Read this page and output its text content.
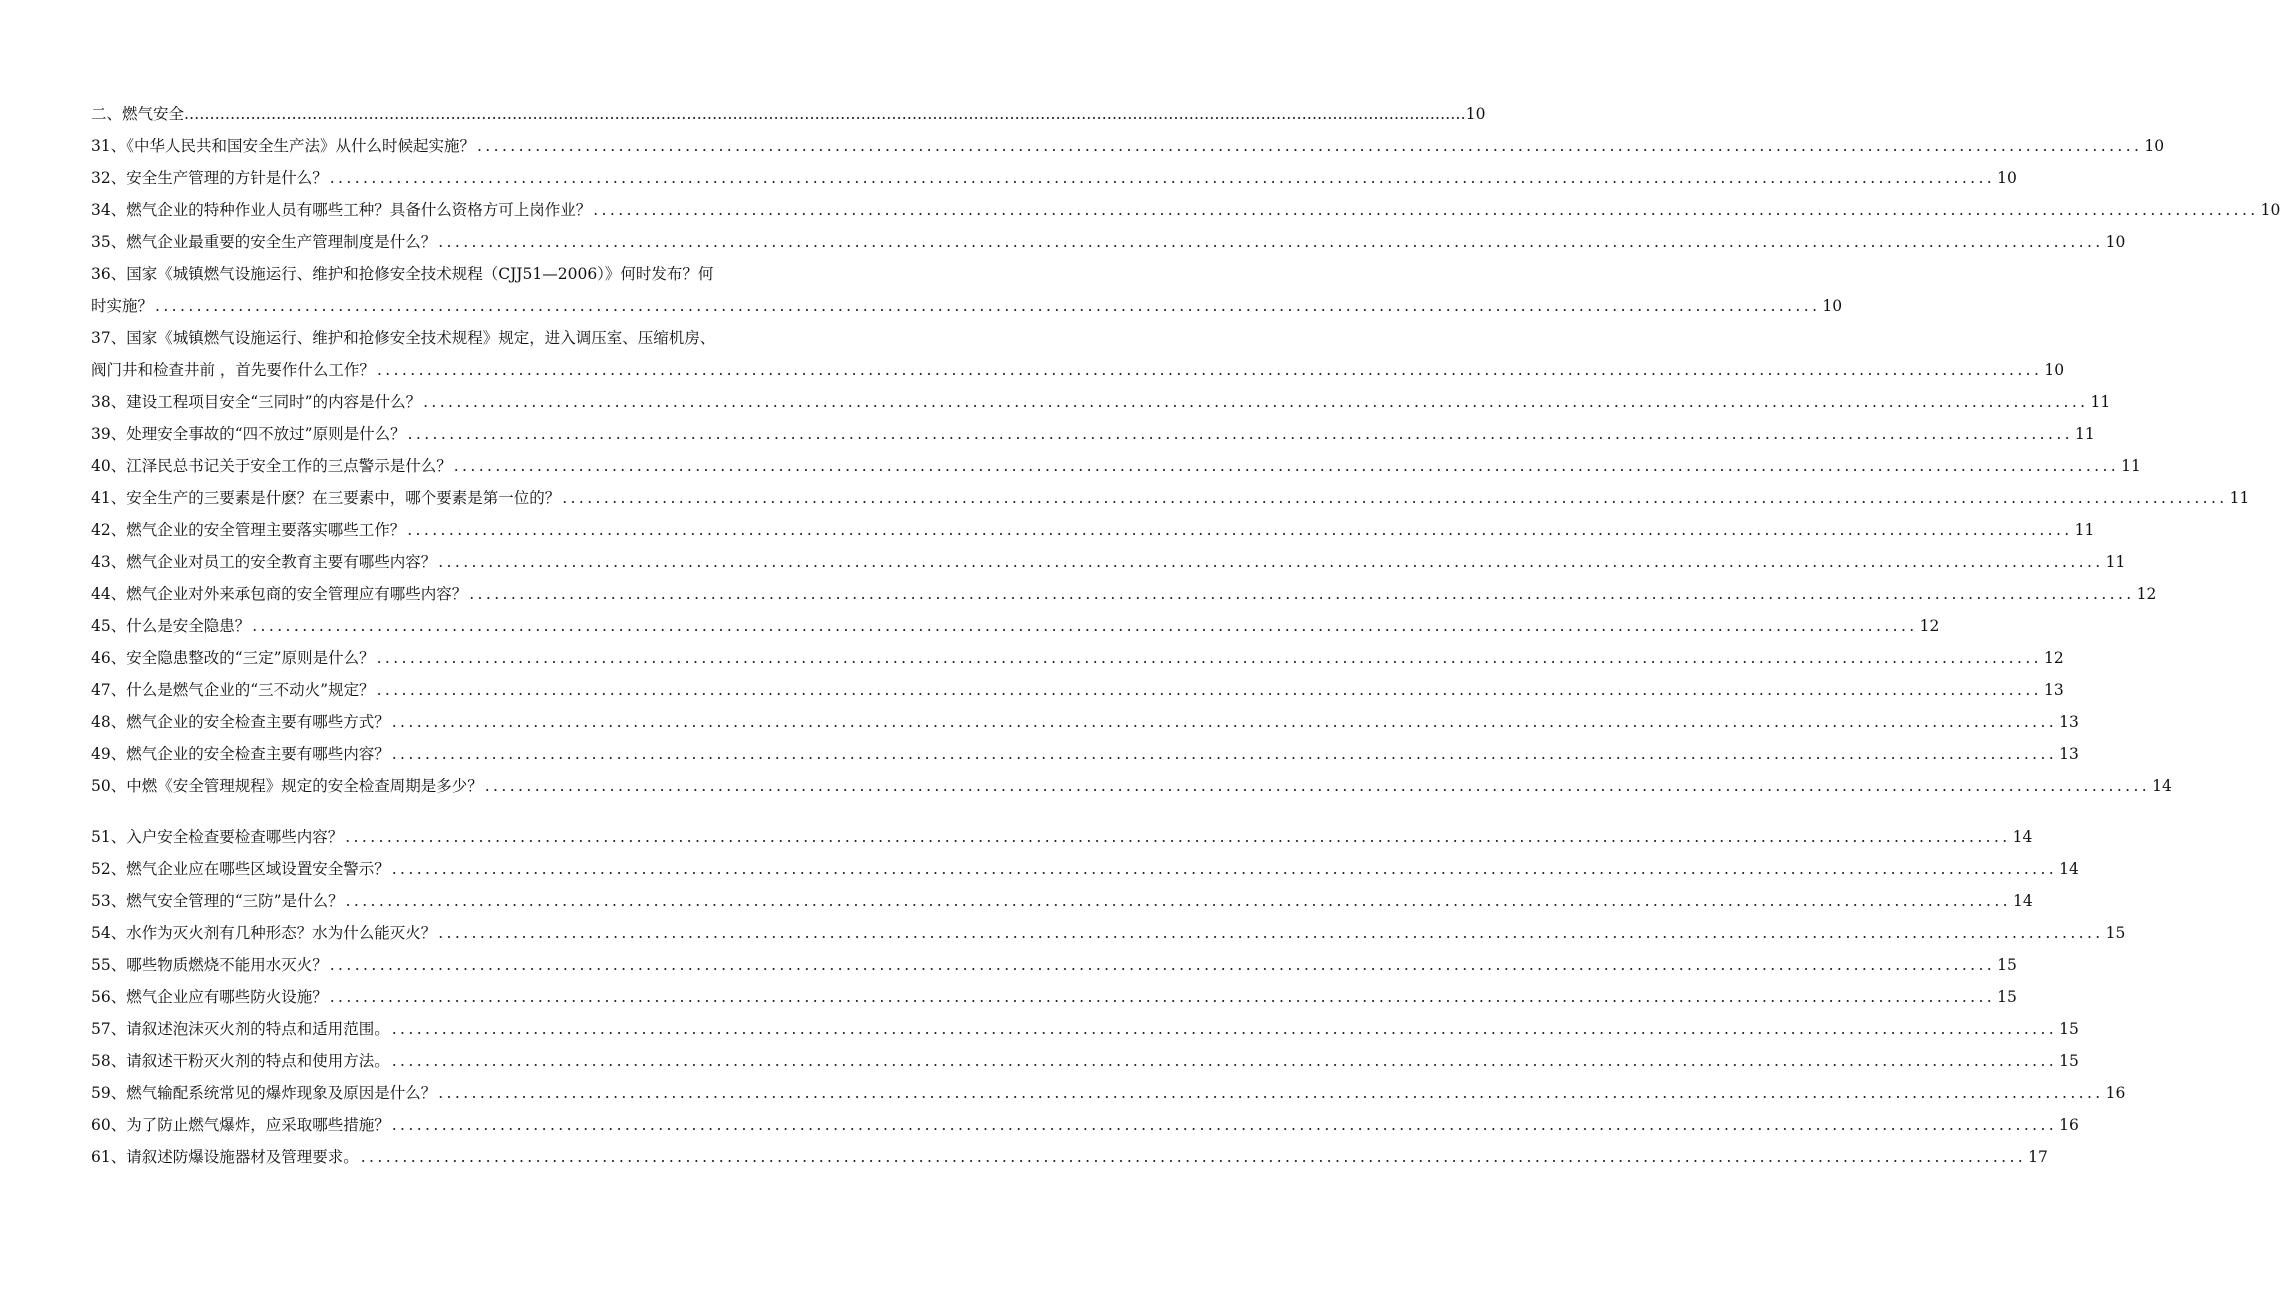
二、燃气安全 .......................................................................................................................................................................................................................................................... 10
31、《中华人民共和国安全生产法》从什么时候起实施？ ........................................................................................................................................................................................................ 10
32、安全生产管理的方针是什么？ ........................................................................................................................................................................................................ 10
34、燃气企业的特种作业人员有哪些工种？具备什么资格方可上岗作业？ ........................................................................................................................................................................................................ 10
35、燃气企业最重要的安全生产管理制度是什么？ ........................................................................................................................................................................................................ 10
36、国家《城镇燃气设施运行、维护和抢修安全技术规程（CJJ51—2006）》何时发布？何
时实施？ ........................................................................................................................................................................................................ 10
37、国家《城镇燃气设施运行、维护和抢修安全技术规程》规定，进入调压室、压缩机房、
阀门井和检查井前 ，首先要作什么工作？ ........................................................................................................................................................................................................ 10
38、建设工程项目安全“三同时”的内容是什么？ ........................................................................................................................................................................................................ 11
39、处理安全事故的“四不放过”原则是什么？ ........................................................................................................................................................................................................ 11
40、江泽民总书记关于安全工作的三点警示是什么？ ........................................................................................................................................................................................................ 11
41、安全生产的三要素是什麽？在三要素中，哪个要素是第一位的？ ........................................................................................................................................................................................................ 11
42、燃气企业的安全管理主要落实哪些工作？ ........................................................................................................................................................................................................ 11
43、燃气企业对员工的安全教育主要有哪些内容？ ........................................................................................................................................................................................................ 11
44、燃气企业对外来承包商的安全管理应有哪些内容？ ........................................................................................................................................................................................................ 12
45、什么是安全隐患？ ........................................................................................................................................................................................................ 12
46、安全隐患整改的“三定”原则是什么？ ........................................................................................................................................................................................................ 12
47、什么是燃气企业的“三不动火”规定？ ........................................................................................................................................................................................................ 13
48、燃气企业的安全检查主要有哪些方式？ ........................................................................................................................................................................................................ 13
49、燃气企业的安全检查主要有哪些内容？ ........................................................................................................................................................................................................ 13
50、中燃《安全管理规程》规定的安全检查周期是多少？ ........................................................................................................................................................................................................ 14
51、入户安全检查要检查哪些内容？ ........................................................................................................................................................................................................ 14
52、燃气企业应在哪些区域设置安全警示？ ........................................................................................................................................................................................................ 14
53、燃气安全管理的“三防”是什么？ ........................................................................................................................................................................................................ 14
54、水作为灭火剂有几种形态？水为什么能灭火？ ........................................................................................................................................................................................................ 15
55、哪些物质燃烧不能用水灭火？ ........................................................................................................................................................................................................ 15
56、燃气企业应有哪些防火设施？ ........................................................................................................................................................................................................ 15
57、请叙述泡沫灭火剂的特点和适用范围。 ........................................................................................................................................................................................................ 15
58、请叙述干粉灭火剂的特点和使用方法。 ........................................................................................................................................................................................................ 15
59、燃气输配系统常见的爆炸现象及原因是什么？ ........................................................................................................................................................................................................ 16
60、为了防止燃气爆炸，应采取哪些措施？ ........................................................................................................................................................................................................ 16
61、请叙述防爆设施器材及管理要求。 ........................................................................................................................................................................................................ 17
